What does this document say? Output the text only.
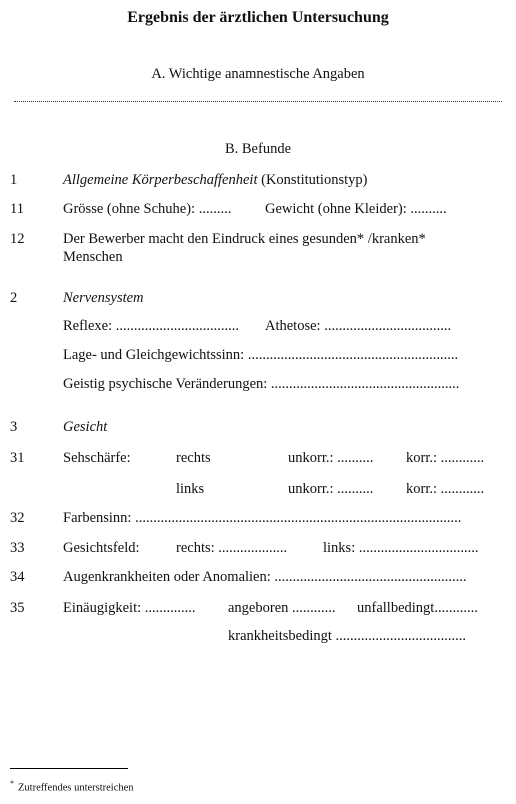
Ergebnis der ärztlichen Untersuchung
A. Wichtige anamnestische Angaben
B. Befunde
1	Allgemeine Körperbeschaffenheit (Konstitutionstyp)
11	Grösse (ohne Schuhe): ......... Gewicht (ohne Kleider): ..........
12	Der Bewerber macht den Eindruck eines gesunden* /kranken*
Menschen
2	Nervensystem
Reflexe: .................................. Athetose: ...................................
Lage- und Gleichgewichtssinn: ..........................................................
Geistig psychische Veränderungen: ....................................................
3	Gesicht
31	Sehschärfe:	rechts	unkorr.: .......... korr.: ............
links	unkorr.: .......... korr.: ............
32	Farbensinn: ..........................................................................................
33	Gesichtsfeld:	rechts: ................... links: .................................
34	Augenkrankheiten oder Anomalien: .....................................................
35	Einäugigkeit: .............. angeboren ............ unfallbedingt............
krankheitsbedingt ....................................
* Zutreffendes unterstreichen
